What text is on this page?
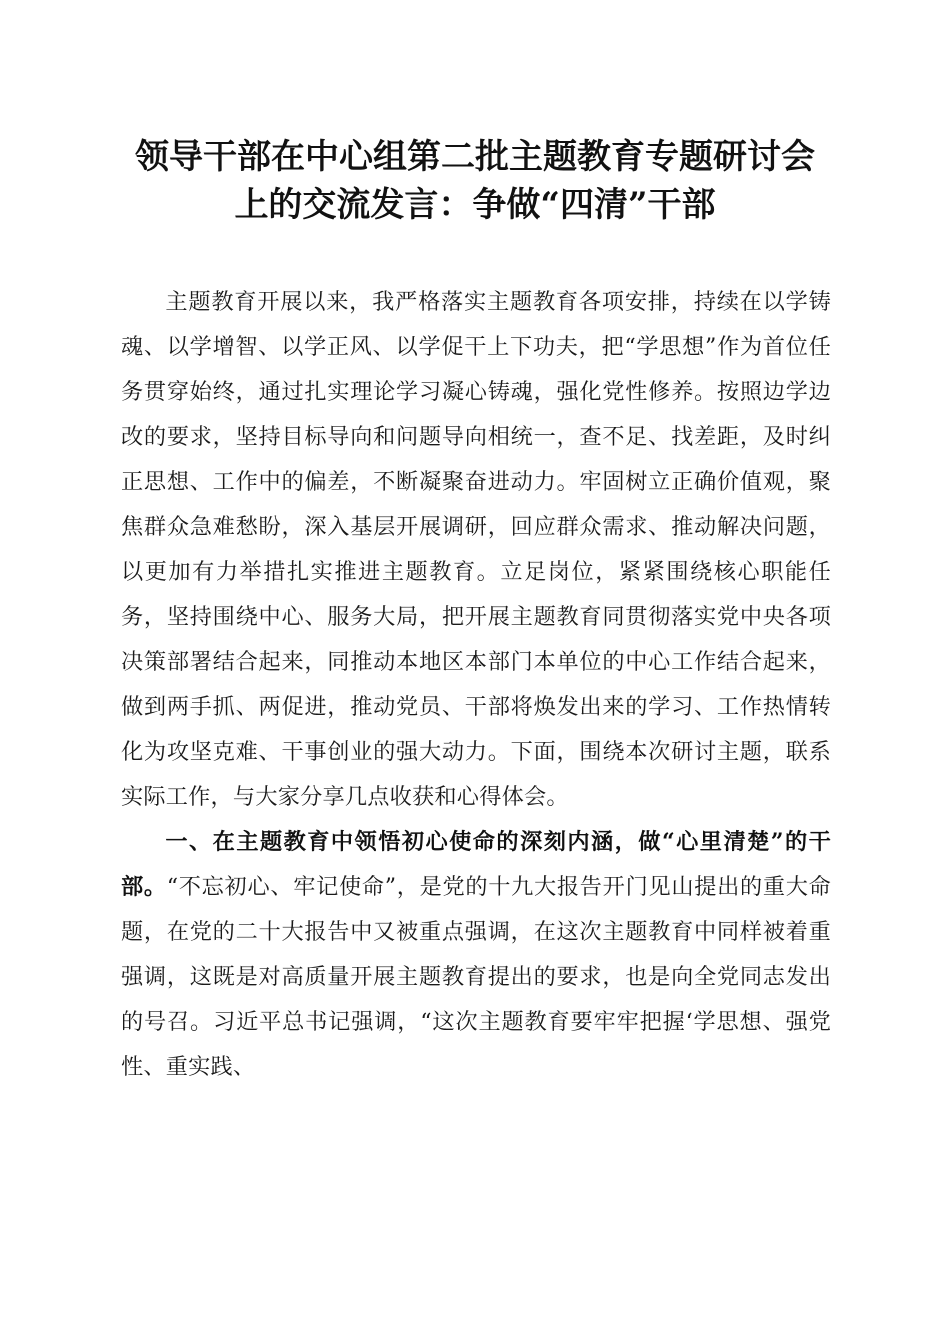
领导干部在中心组第二批主题教育专题研讨会
上的交流发言：争做“四清”干部

主题教育开展以来，我严格落实主题教育各项安排，持续在以学铸魂、以学增智、以学正风、以学促干上下功夫，把“学思想”作为首位任务贯穿始终，通过扎实理论学习凝心铸魂，强化党性修养。按照边学边改的要求，坚持目标导向和问题导向相统一，查不足、找差距，及时纠正思想、工作中的偏差，不断凝聚奋进动力。牢固树立正确价值观，聚焦群众急难愁盼，深入基层开展调研，回应群众需求、推动解决问题，以更加有力举措扎实推进主题教育。立足岗位，紧紧围绕核心职能任务，坚持围绕中心、服务大局，把开展主题教育同贯彻落实党中央各项决策部署结合起来，同推动本地区本部门本单位的中心工作结合起来，做到两手抓、两促进，推动党员、干部将焕发出来的学习、工作热情转化为攻坚克难、干事创业的强大动力。下面，围绕本次研讨主题，联系实际工作，与大家分享几点收获和心得体会。

一、在主题教育中领悟初心使命的深刻内涵，做“心里清楚”的干部。“不忘初心、牢记使命”，是党的十九大报告开门见山提出的重大命题，在党的二十大报告中又被重点强调，在这次主题教育中同样被着重强调，这既是对高质量开展主题教育提出的要求，也是向全党同志发出的号召。习近平总书记强调，“这次主题教育要牢牢把握‘学思想、强党性、重实践、
